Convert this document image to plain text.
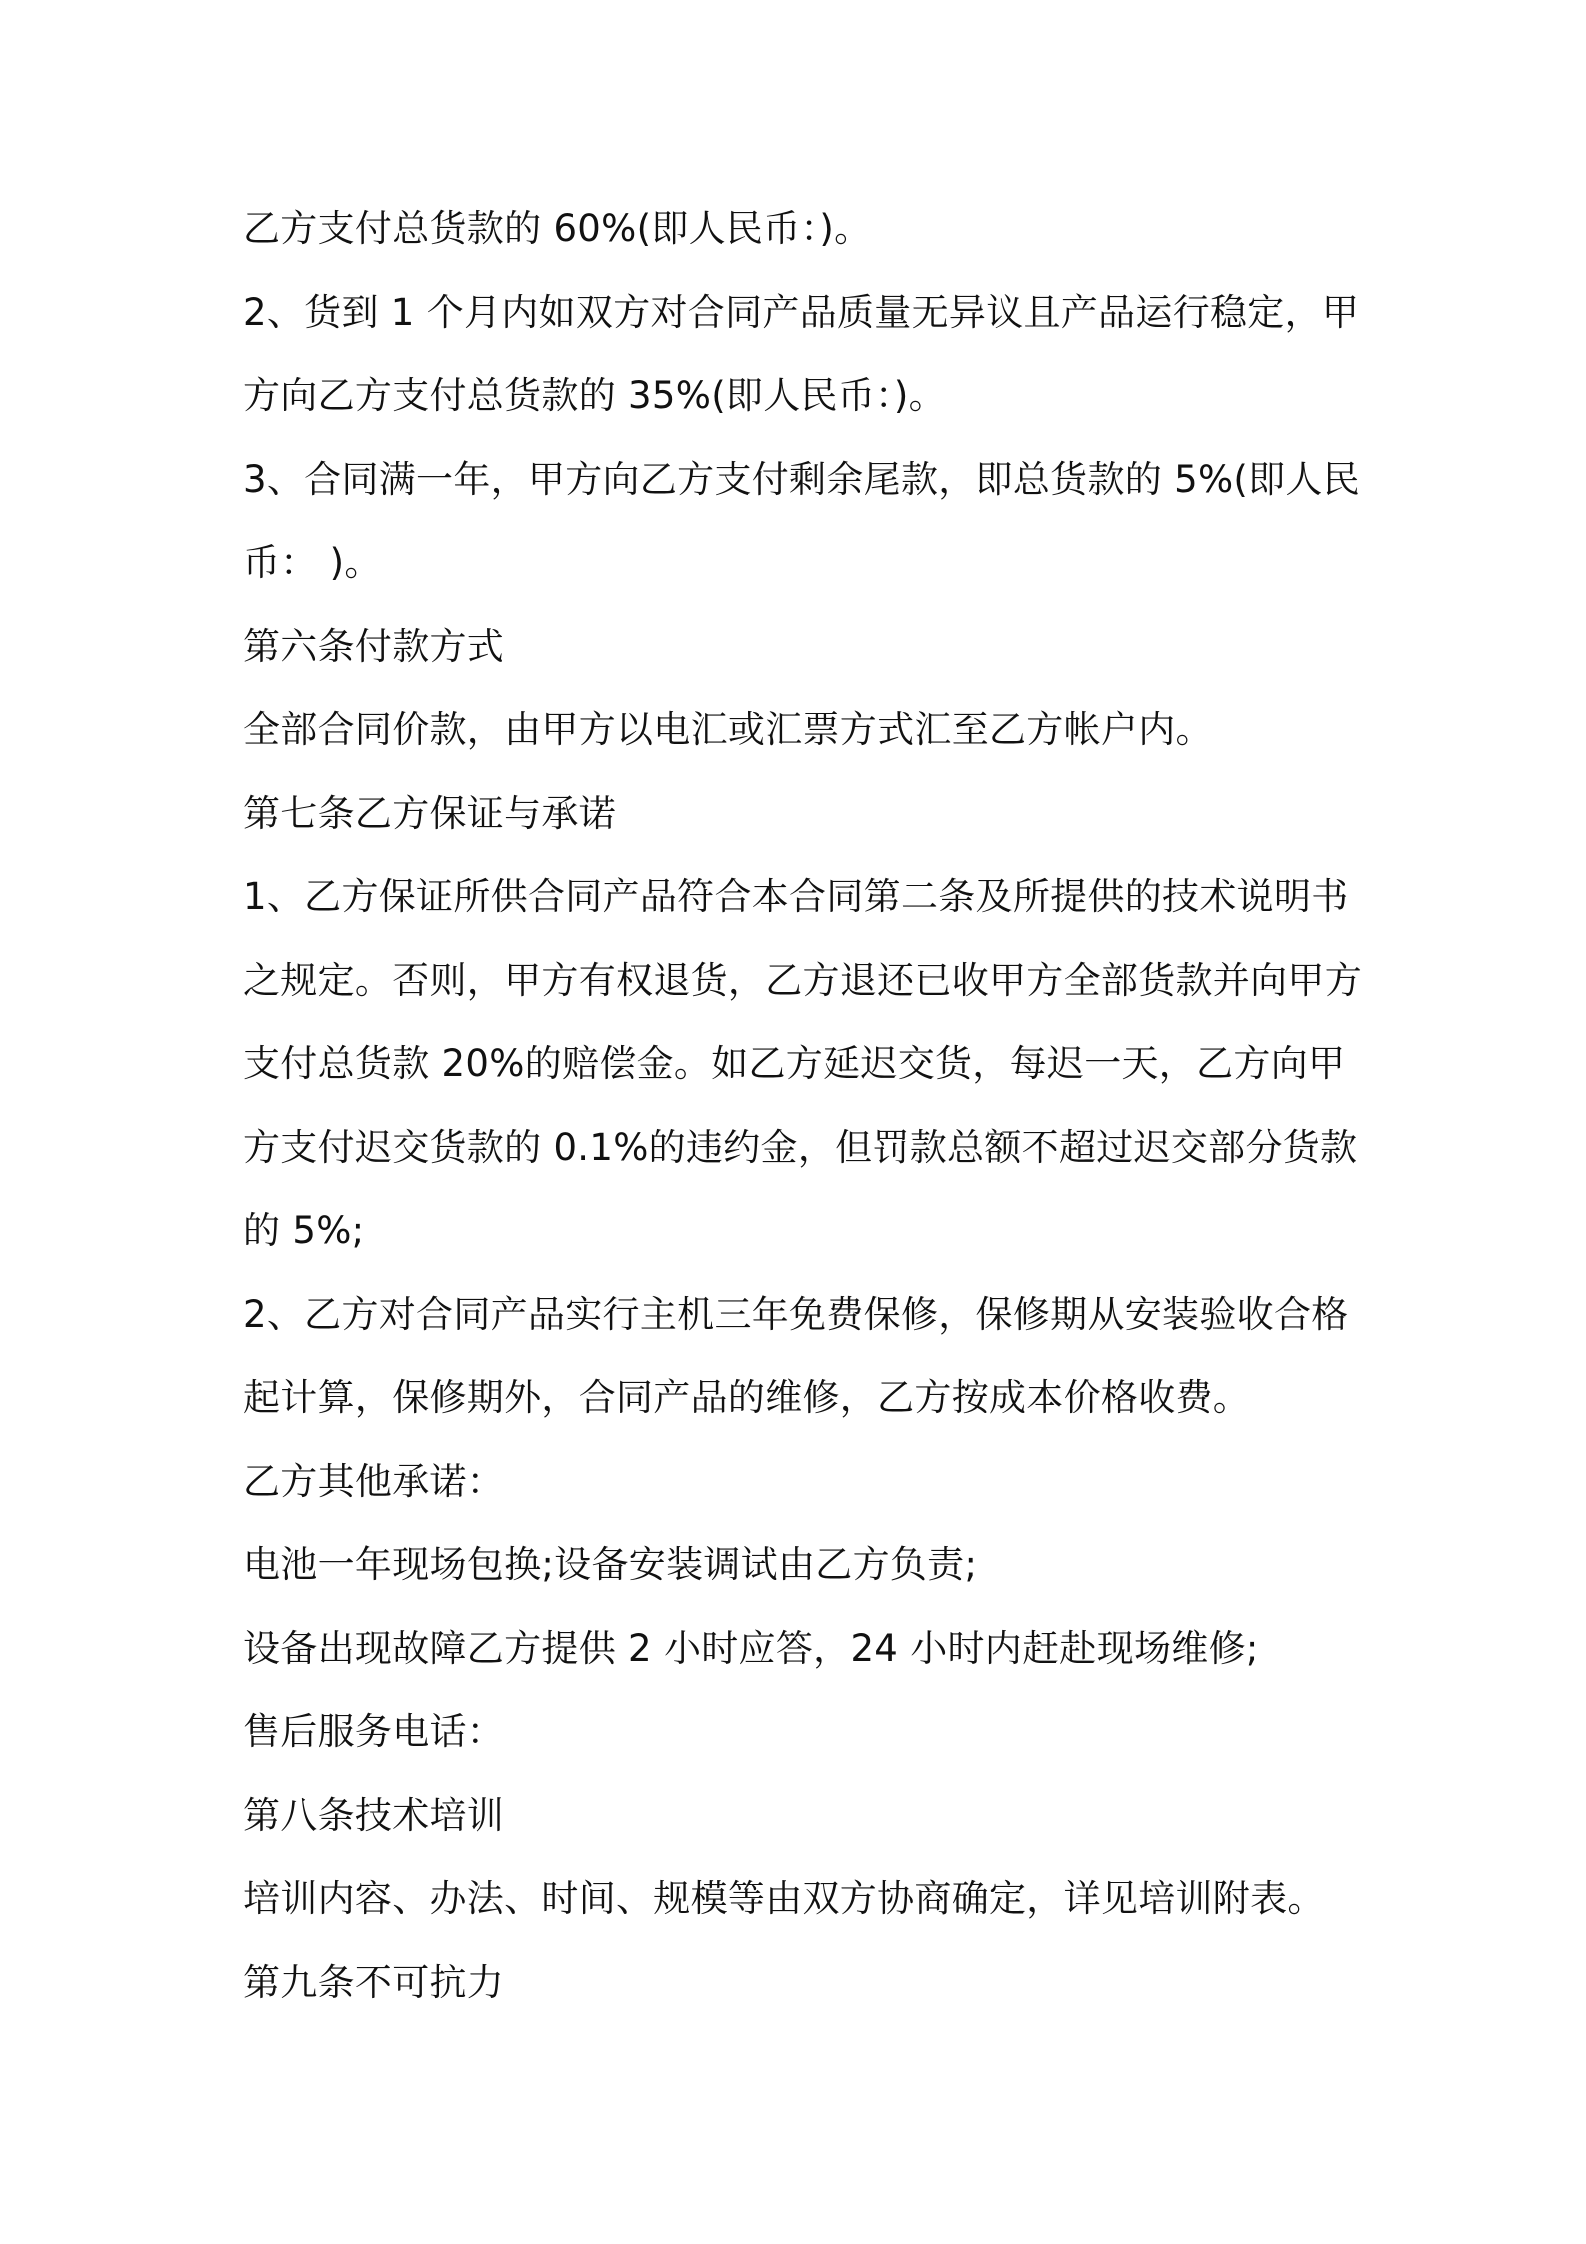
乙方支付总货款的 60%(即人民币：)。
2、货到 1 个月内如双方对合同产品质量无异议且产品运行稳定，甲
方向乙方支付总货款的 35%(即人民币：)。
3、合同满一年，甲方向乙方支付剩余尾款，即总货款的 5%(即人民
币： )。
第六条付款方式
全部合同价款，由甲方以电汇或汇票方式汇至乙方帐户内。
第七条乙方保证与承诺
1、乙方保证所供合同产品符合本合同第二条及所提供的技术说明书
之规定。否则，甲方有权退货，乙方退还已收甲方全部货款并向甲方
支付总货款 20%的赔偿金。如乙方延迟交货，每迟一天，乙方向甲
方支付迟交货款的 0.1%的违约金，但罚款总额不超过迟交部分货款
的 5%;
2、乙方对合同产品实行主机三年免费保修，保修期从安装验收合格
起计算，保修期外，合同产品的维修，乙方按成本价格收费。
乙方其他承诺：
电池一年现场包换;设备安装调试由乙方负责;
设备出现故障乙方提供 2 小时应答，24 小时内赶赴现场维修;
售后服务电话：
第八条技术培训
培训内容、办法、时间、规模等由双方协商确定，详见培训附表。
第九条不可抗力
